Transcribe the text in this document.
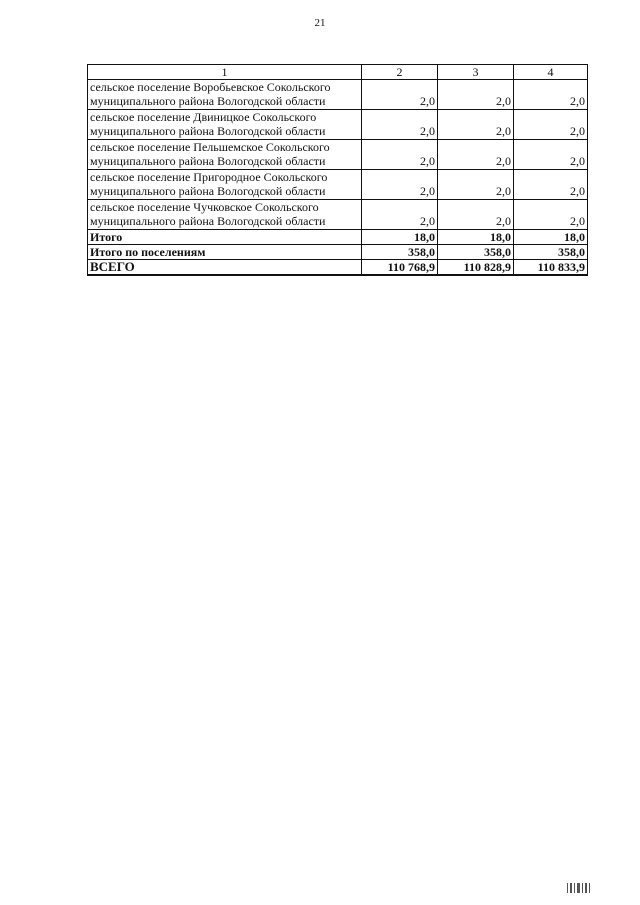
21
1	2	3	4
сельское поселение Воробьевское Сокольского муниципального района Вологодской области	2,0	2,0	2,0
сельское поселение Двиницкое Сокольского муниципального района Вологодской области	2,0	2,0	2,0
сельское поселение Пельшемское Сокольского муниципального района Вологодской области	2,0	2,0	2,0
сельское поселение Пригородное Сокольского муниципального района Вологодской области	2,0	2,0	2,0
сельское поселение Чучковское Сокольского муниципального района Вологодской области	2,0	2,0	2,0
Итого	18,0	18,0	18,0
Итого по поселениям	358,0	358,0	358,0
ВСЕГО	110 768,9	110 828,9	110 833,9
